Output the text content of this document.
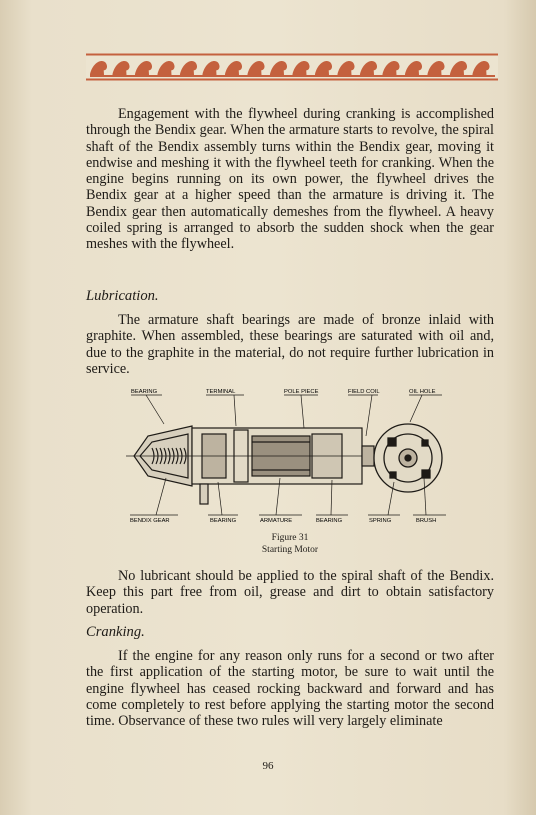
Engagement with the flywheel during cranking is accomplished through the Bendix gear. When the armature starts to revolve, the spiral shaft of the Bendix assembly turns within the Bendix gear, moving it endwise and meshing it with the flywheel teeth for cranking. When the engine begins running on its own power, the flywheel drives the Bendix gear at a higher speed than the armature is driving it. The Bendix gear then automatically demeshes from the flywheel. A heavy coiled spring is arranged to absorb the sudden shock when the gear meshes with the flywheel.

Lubrication.

The armature shaft bearings are made of bronze inlaid with graphite. When assembled, these bearings are saturated with oil and, due to the graphite in the material, do not require further lubrication in service.

BEARING	TERMINAL	POLE PIECE	FIELD COIL	OIL HOLE
BENDIX GEAR	BEARING	ARMATURE	BEARING	SPRING	BRUSH
Figure 31
Starting Motor

No lubricant should be applied to the spiral shaft of the Bendix. Keep this part free from oil, grease and dirt to obtain satisfactory operation.

Cranking.

If the engine for any reason only runs for a second or two after the first application of the starting motor, be sure to wait until the engine flywheel has ceased rocking backward and forward and has come completely to rest before applying the starting motor the second time. Observance of these two rules will very largely eliminate

96
